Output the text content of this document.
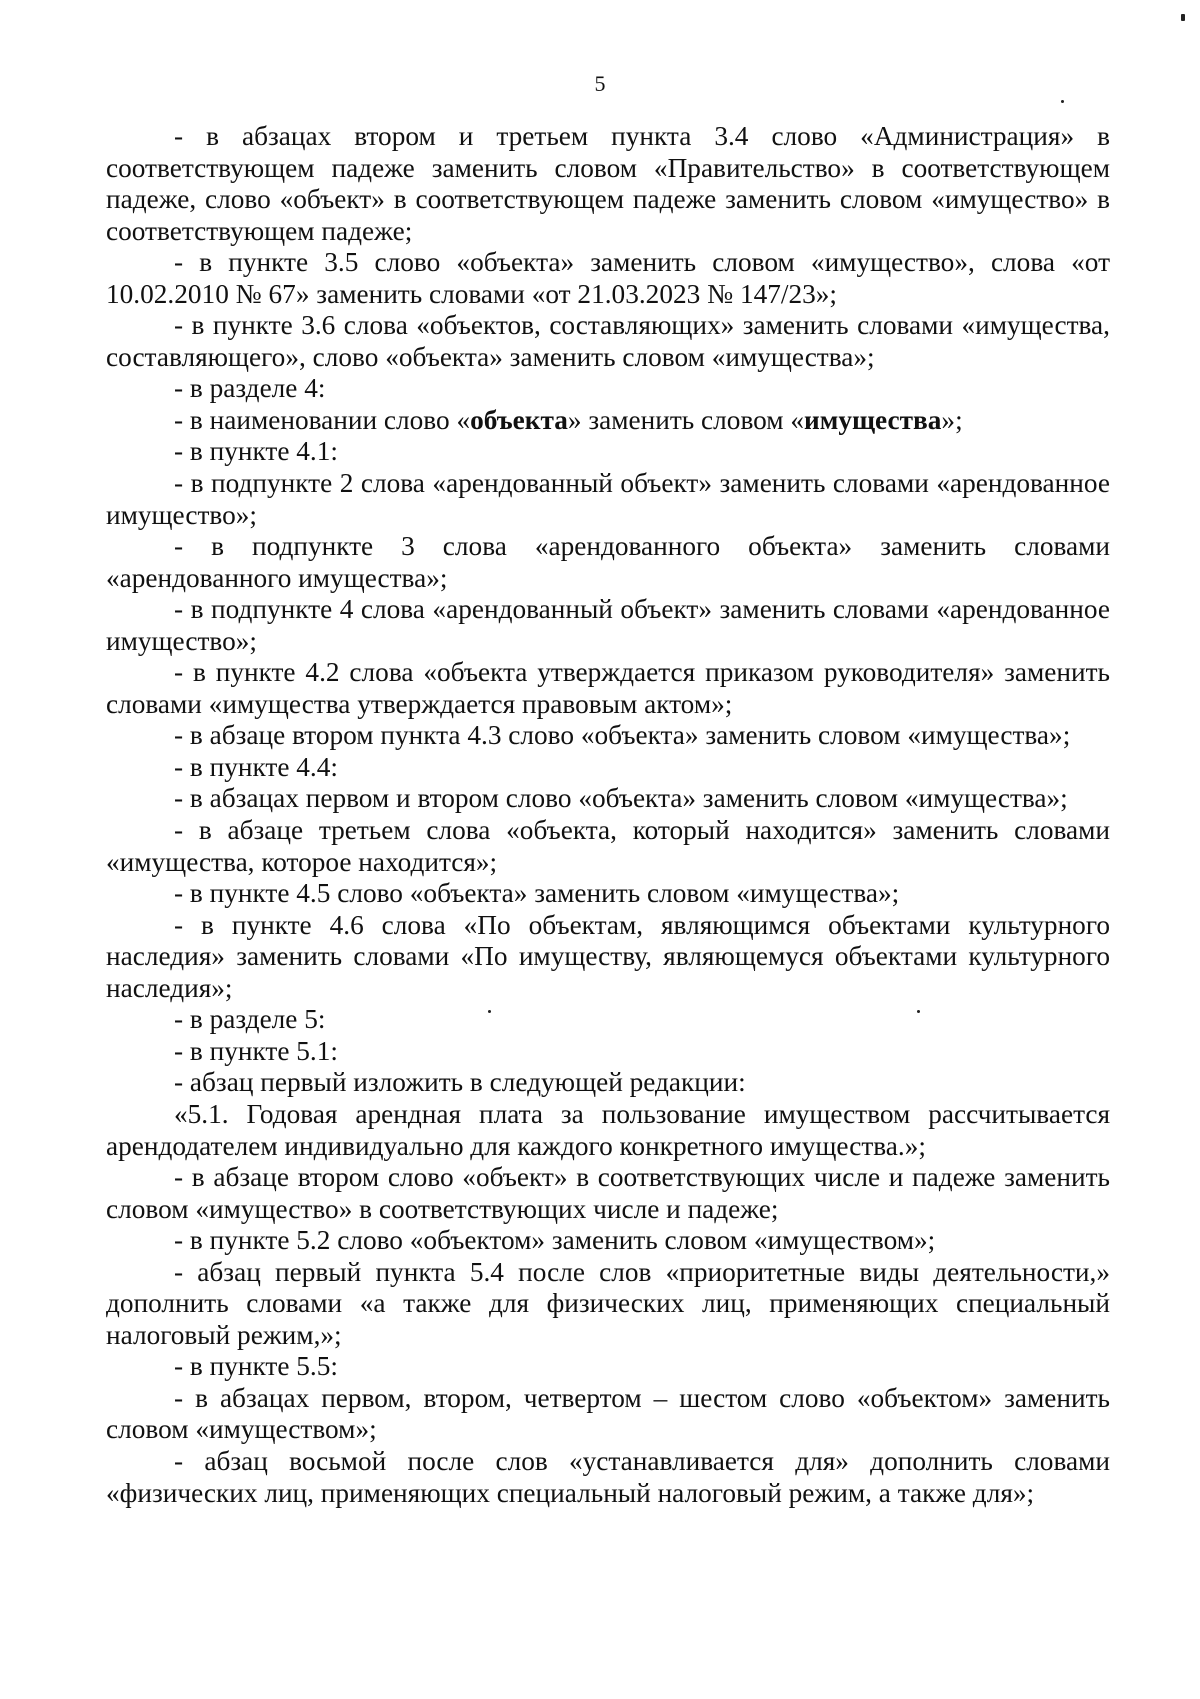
5

- в абзацах втором и третьем пункта 3.4 слово «Администрация» в соответствующем падеже заменить словом «Правительство» в соответствующем падеже, слово «объект» в соответствующем падеже заменить словом «имущество» в соответствующем падеже;

- в пункте 3.5 слово «объекта» заменить словом «имущество», слова «от 10.02.2010 № 67» заменить словами «от 21.03.2023 № 147/23»;

- в пункте 3.6 слова «объектов, составляющих» заменить словами «имущества, составляющего», слово «объекта» заменить словом «имущества»;

- в разделе 4:

- в наименовании слово «объекта» заменить словом «имущества»;

- в пункте 4.1:

- в подпункте 2 слова «арендованный объект» заменить словами «арендованное имущество»;

- в подпункте 3 слова «арендованного объекта» заменить словами «арендованного имущества»;

- в подпункте 4 слова «арендованный объект» заменить словами «арендованное имущество»;

- в пункте 4.2 слова «объекта утверждается приказом руководителя» заменить словами «имущества утверждается правовым актом»;

- в абзаце втором пункта 4.3 слово «объекта» заменить словом «имущества»;

- в пункте 4.4:

- в абзацах первом и втором слово «объекта» заменить словом «имущества»;

- в абзаце третьем слова «объекта, который находится» заменить словами «имущества, которое находится»;

- в пункте 4.5 слово «объекта» заменить словом «имущества»;

- в пункте 4.6 слова «По объектам, являющимся объектами культурного наследия» заменить словами «По имуществу, являющемуся объектами культурного наследия»;

- в разделе 5:

- в пункте 5.1:

- абзац первый изложить в следующей редакции:

«5.1. Годовая арендная плата за пользование имуществом рассчитывается арендодателем индивидуально для каждого конкретного имущества.»;

- в абзаце втором слово «объект» в соответствующих числе и падеже заменить словом «имущество» в соответствующих числе и падеже;

- в пункте 5.2 слово «объектом» заменить словом «имуществом»;

- абзац первый пункта 5.4 после слов «приоритетные виды деятельности,» дополнить словами «а также для физических лиц, применяющих специальный налоговый режим,»;

- в пункте 5.5:

- в абзацах первом, втором, четвертом – шестом слово «объектом» заменить словом «имуществом»;

- абзац восьмой после слов «устанавливается для» дополнить словами «физических лиц, применяющих специальный налоговый режим, а также для»;
